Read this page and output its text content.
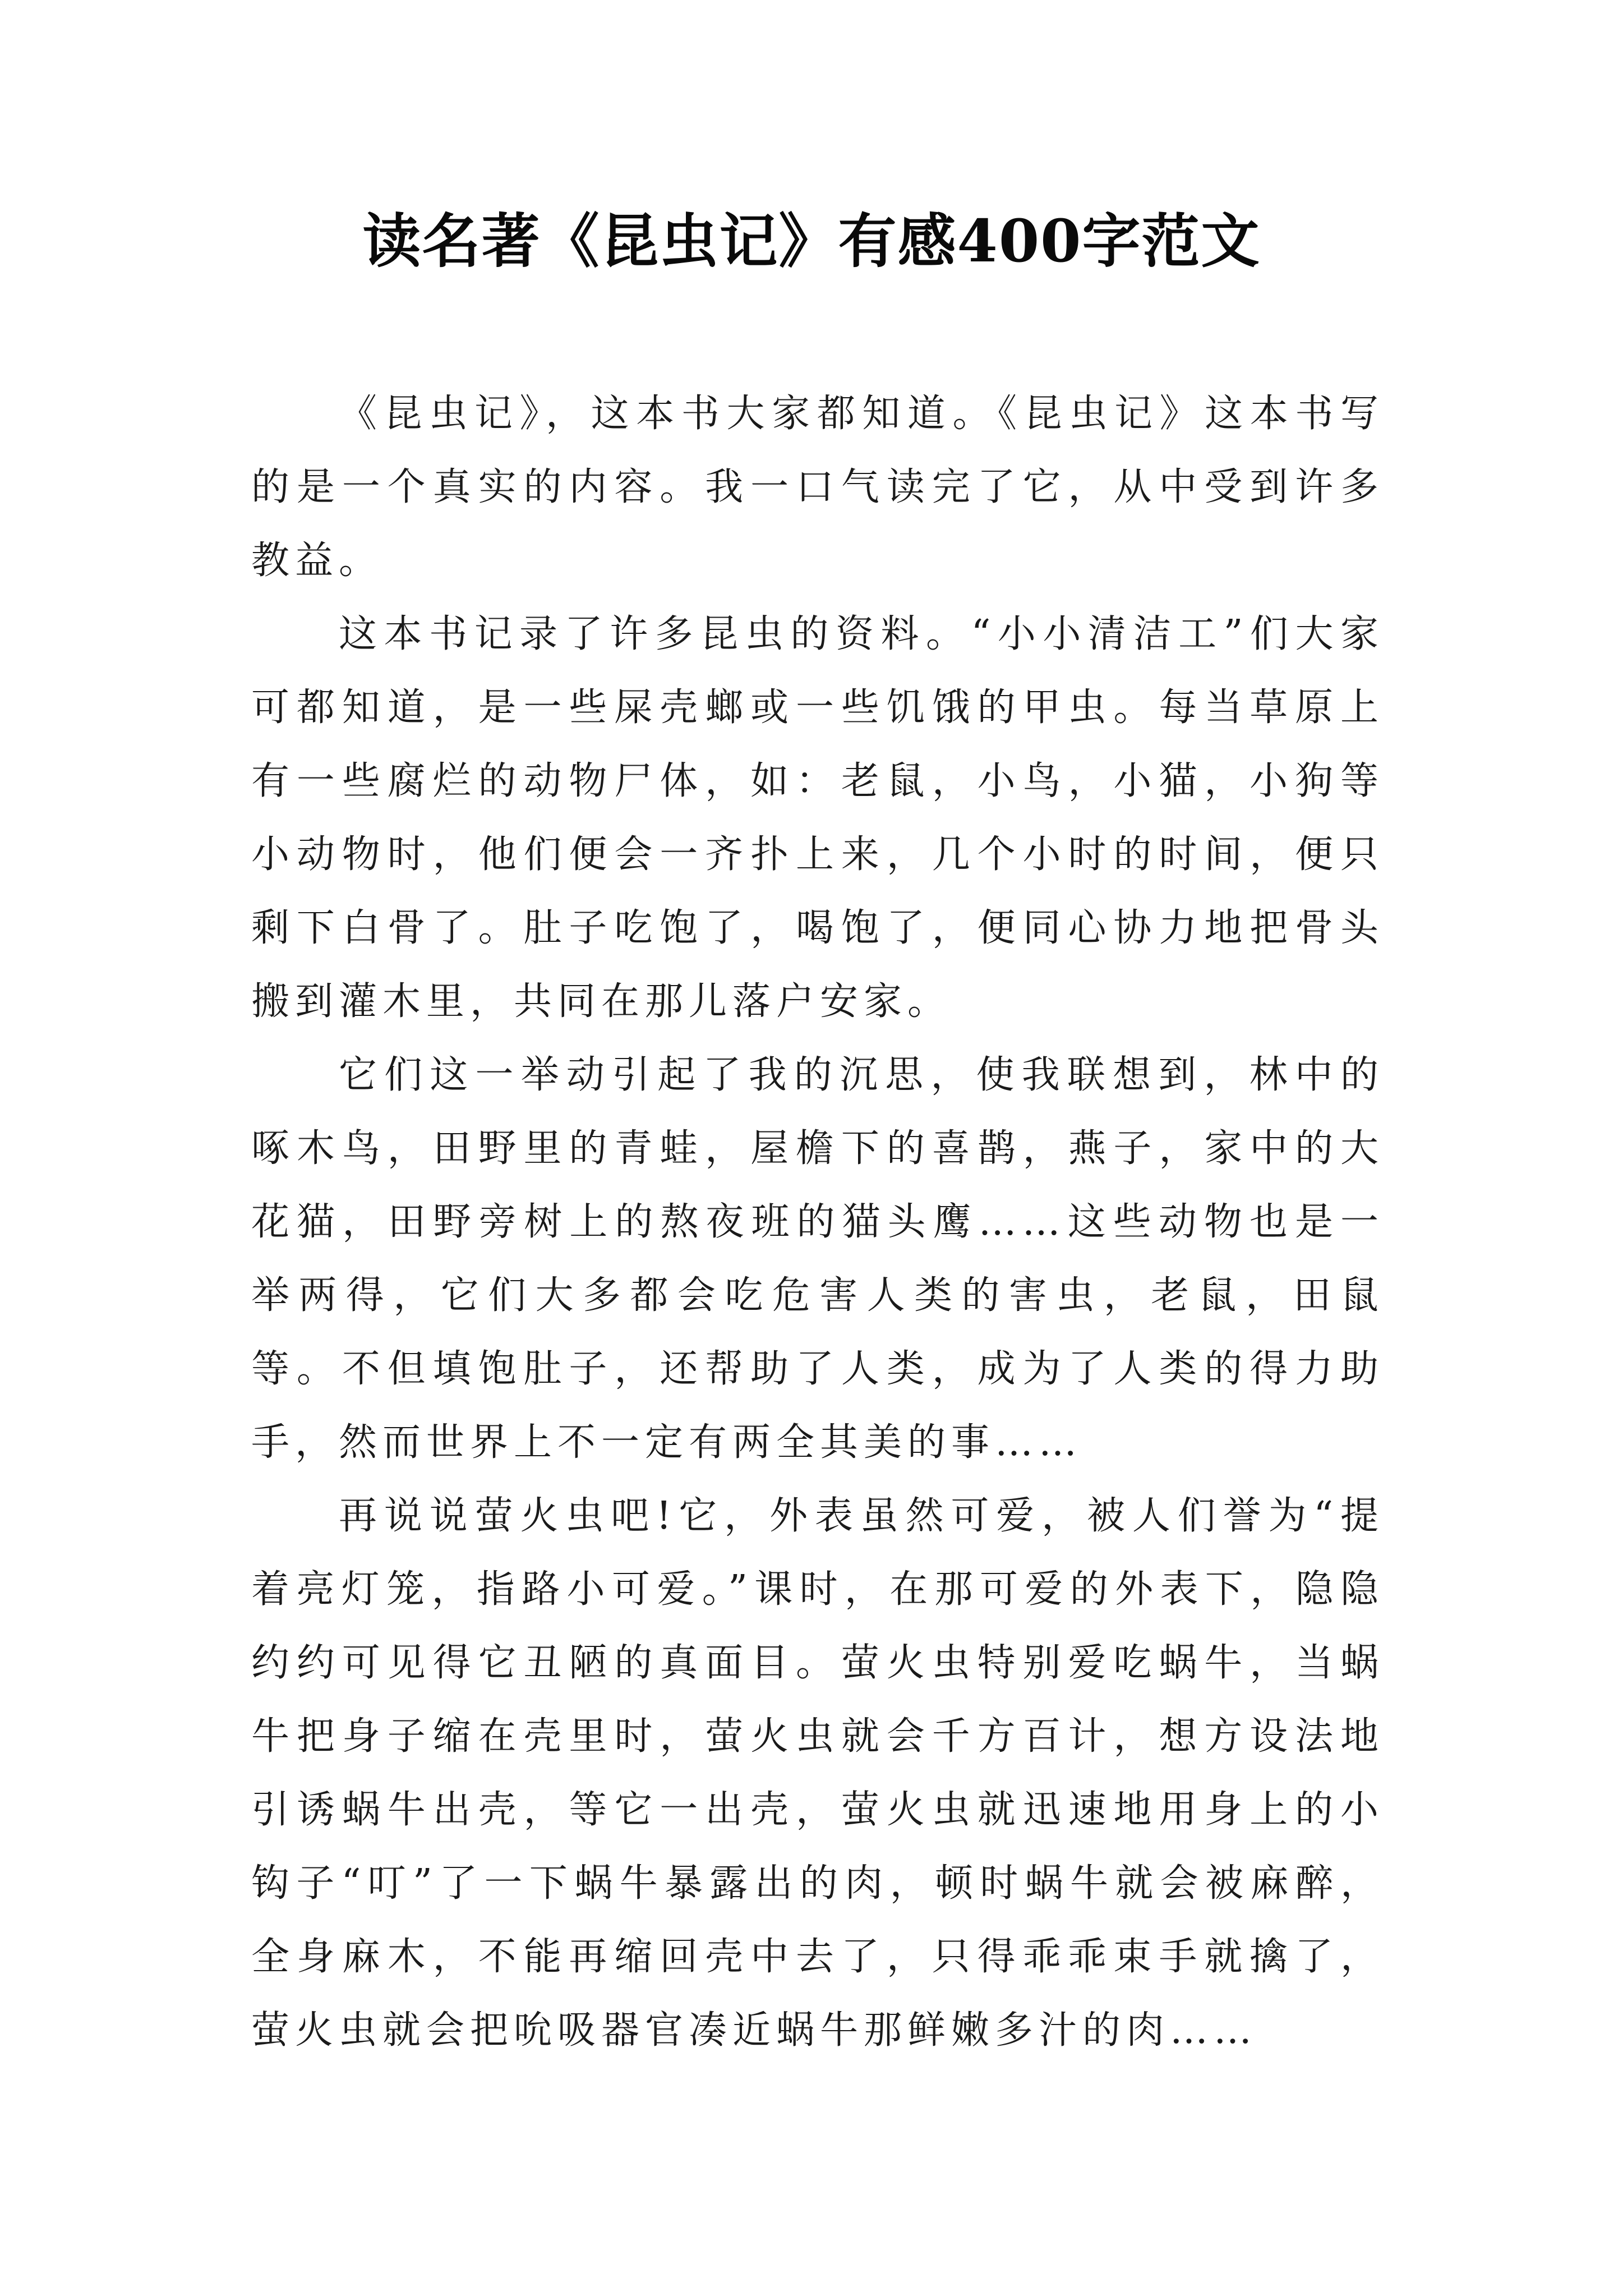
读名著《昆虫记》有感400字范文

《昆虫记》，这本书大家都知道。《昆虫记》这本书写的是一个真实的内容。我一口气读完了它，从中受到许多教益。

这本书记录了许多昆虫的资料。“小小清洁工”们大家可都知道，是一些屎壳螂或一些饥饿的甲虫。每当草原上有一些腐烂的动物尸体，如：老鼠，小鸟，小猫，小狗等小动物时，他们便会一齐扑上来，几个小时的时间，便只剩下白骨了。肚子吃饱了，喝饱了，便同心协力地把骨头搬到灌木里，共同在那儿落户安家。

它们这一举动引起了我的沉思，使我联想到，林中的啄木鸟，田野里的青蛙，屋檐下的喜鹊，燕子，家中的大花猫，田野旁树上的熬夜班的猫头鹰……这些动物也是一举两得，它们大多都会吃危害人类的害虫，老鼠，田鼠等。不但填饱肚子，还帮助了人类，成为了人类的得力助手，然而世界上不一定有两全其美的事……

再说说萤火虫吧!它，外表虽然可爱，被人们誉为“提着亮灯笼，指路小可爱。”课时，在那可爱的外表下，隐隐约约可见得它丑陋的真面目。萤火虫特别爱吃蜗牛，当蜗牛把身子缩在壳里时，萤火虫就会千方百计，想方设法地引诱蜗牛出壳，等它一出壳，萤火虫就迅速地用身上的小钩子“叮”了一下蜗牛暴露出的肉，顿时蜗牛就会被麻醉，全身麻木，不能再缩回壳中去了，只得乖乖束手就擒了，萤火虫就会把吮吸器官凑近蜗牛那鲜嫩多汁的肉……
